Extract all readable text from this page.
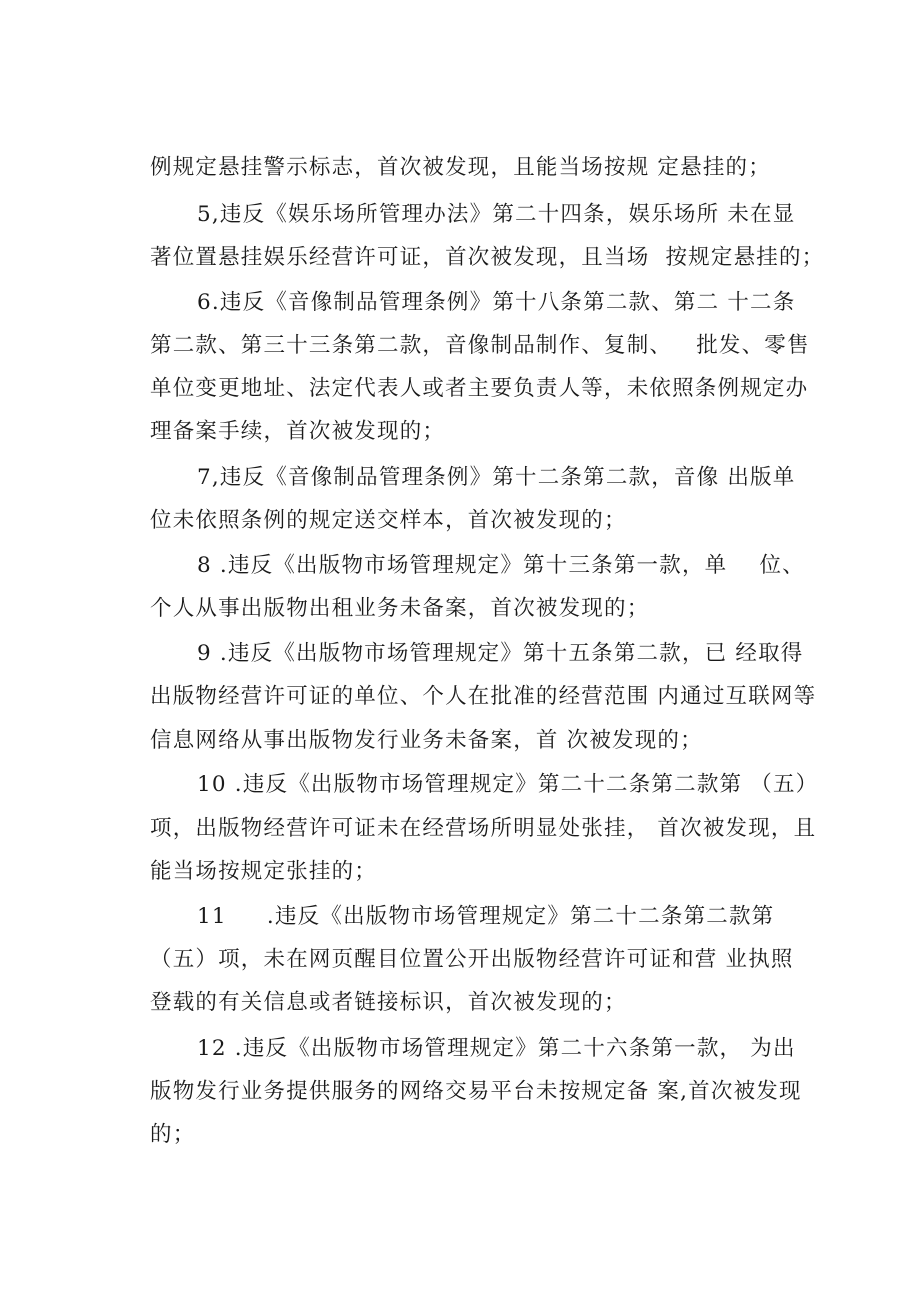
例规定悬挂警示标志，首次被发现，且能当场按规 定悬挂的；
5,违反《娱乐场所管理办法》第二十四条，娱乐场所 未在显
著位置悬挂娱乐经营许可证，首次被发现，且当场  按规定悬挂的；
6.违反《音像制品管理条例》第十八条第二款、第二 十二条
第二款、第三十三条第二款，音像制品制作、复制、   批发、零售
单位变更地址、法定代表人或者主要负责人等，未依照条例规定办
理备案手续，首次被发现的；
7,违反《音像制品管理条例》第十二条第二款，音像 出版单
位未依照条例的规定送交样本，首次被发现的；
8 .违反《出版物市场管理规定》第十三条第一款，单    位、
个人从事出版物出租业务未备案，首次被发现的；
9 .违反《出版物市场管理规定》第十五条第二款，已 经取得
出版物经营许可证的单位、个人在批准的经营范围 内通过互联网等
信息网络从事出版物发行业务未备案，首 次被发现的；
10 .违反《出版物市场管理规定》第二十二条第二款第 （五）
项，出版物经营许可证未在经营场所明显处张挂， 首次被发现，且
能当场按规定张挂的；
11     .违反《出版物市场管理规定》第二十二条第二款第
（五）项，未在网页醒目位置公开出版物经营许可证和营 业执照
登载的有关信息或者链接标识，首次被发现的；
12 .违反《出版物市场管理规定》第二十六条第一款， 为出
版物发行业务提供服务的网络交易平台未按规定备 案,首次被发现
的；
